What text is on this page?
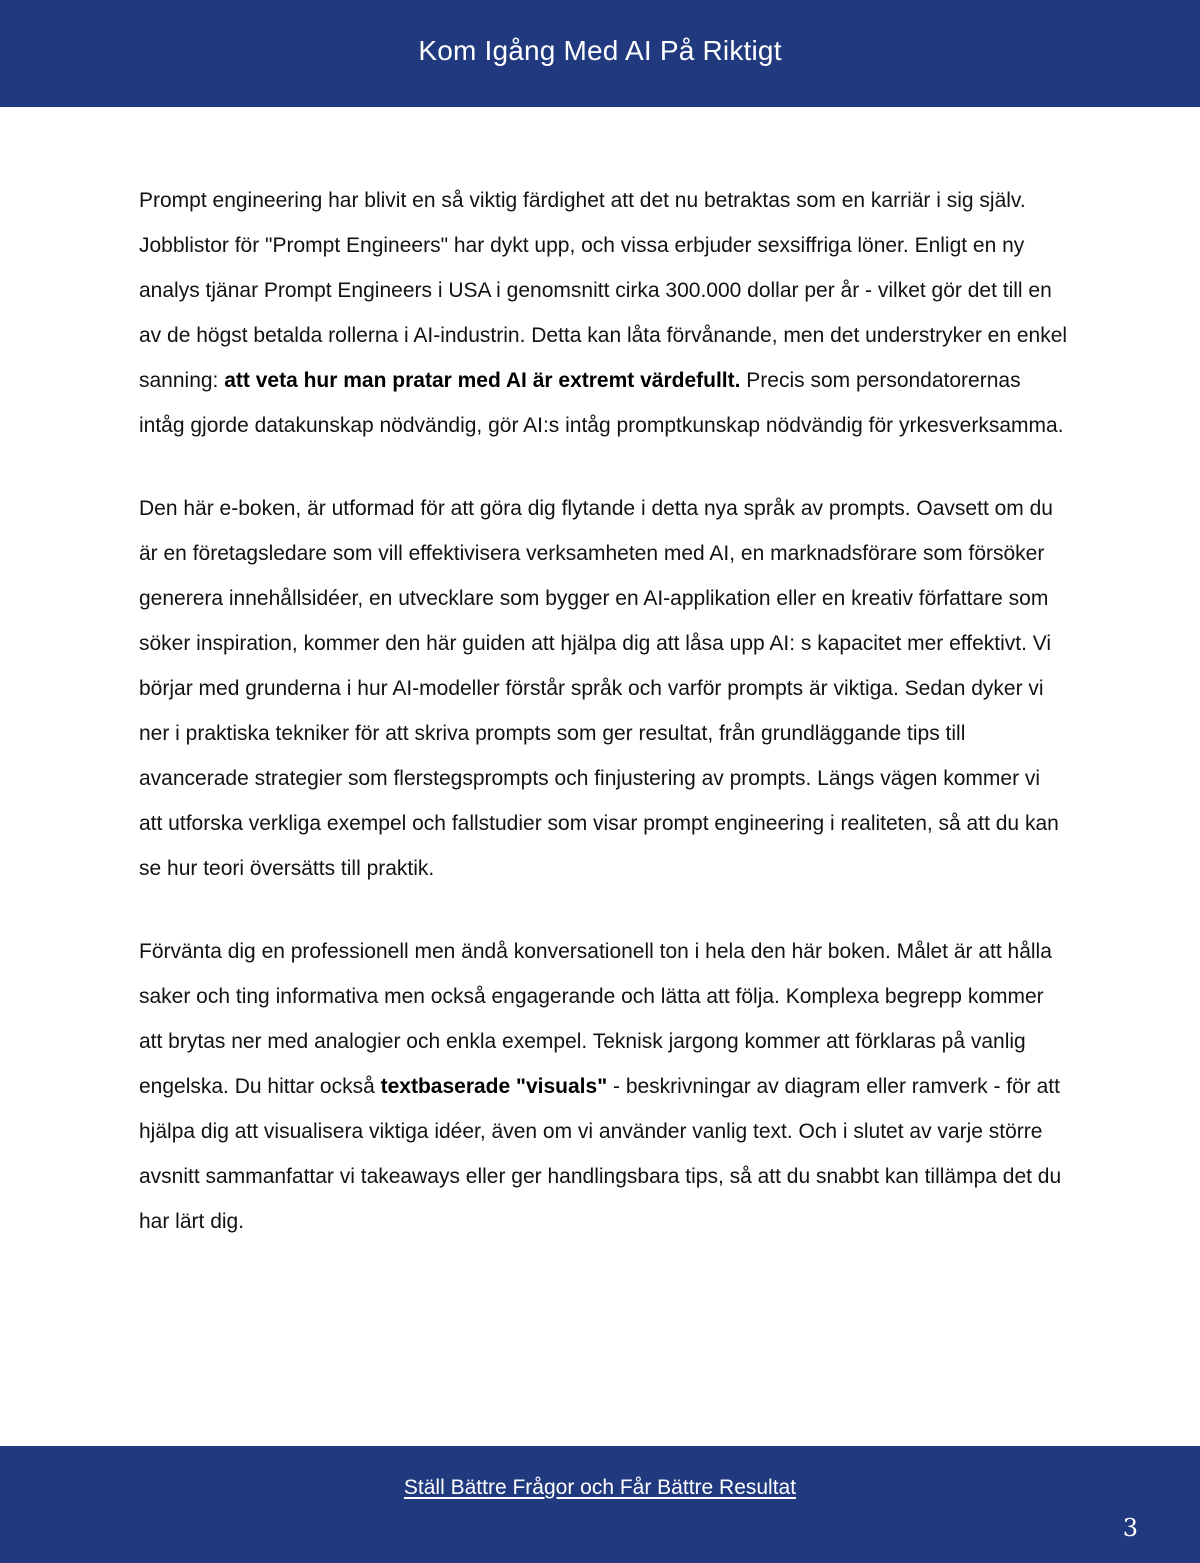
Kom Igång Med AI På Riktigt

Prompt engineering har blivit en så viktig färdighet att det nu betraktas som en karriär i sig själv. Jobblistor för "Prompt Engineers" har dykt upp, och vissa erbjuder sexsiffriga löner. Enligt en ny analys tjänar Prompt Engineers i USA i genomsnitt cirka 300.000 dollar per år - vilket gör det till en av de högst betalda rollerna i AI-industrin. Detta kan låta förvånande, men det understryker en enkel sanning: att veta hur man pratar med AI är extremt värdefullt. Precis som persondatorernas intåg gjorde datakunskap nödvändig, gör AI:s intåg promptkunskap nödvändig för yrkesverksamma.

Den här e-boken, är utformad för att göra dig flytande i detta nya språk av prompts. Oavsett om du är en företagsledare som vill effektivisera verksamheten med AI, en marknadsförare som försöker generera innehållsidéer, en utvecklare som bygger en AI-applikation eller en kreativ författare som söker inspiration, kommer den här guiden att hjälpa dig att låsa upp AI: s kapacitet mer effektivt. Vi börjar med grunderna i hur AI-modeller förstår språk och varför prompts är viktiga. Sedan dyker vi ner i praktiska tekniker för att skriva prompts som ger resultat, från grundläggande tips till avancerade strategier som flerstegsprompts och finjustering av prompts. Längs vägen kommer vi att utforska verkliga exempel och fallstudier som visar prompt engineering i realiteten, så att du kan se hur teori översätts till praktik.

Förvänta dig en professionell men ändå konversationell ton i hela den här boken. Målet är att hålla saker och ting informativa men också engagerande och lätta att följa. Komplexa begrepp kommer att brytas ner med analogier och enkla exempel. Teknisk jargong kommer att förklaras på vanlig engelska. Du hittar också textbaserade "visuals" - beskrivningar av diagram eller ramverk - för att hjälpa dig att visualisera viktiga idéer, även om vi använder vanlig text. Och i slutet av varje större avsnitt sammanfattar vi takeaways eller ger handlingsbara tips, så att du snabbt kan tillämpa det du har lärt dig.

Ställ Bättre Frågor och Får Bättre Resultat
3
